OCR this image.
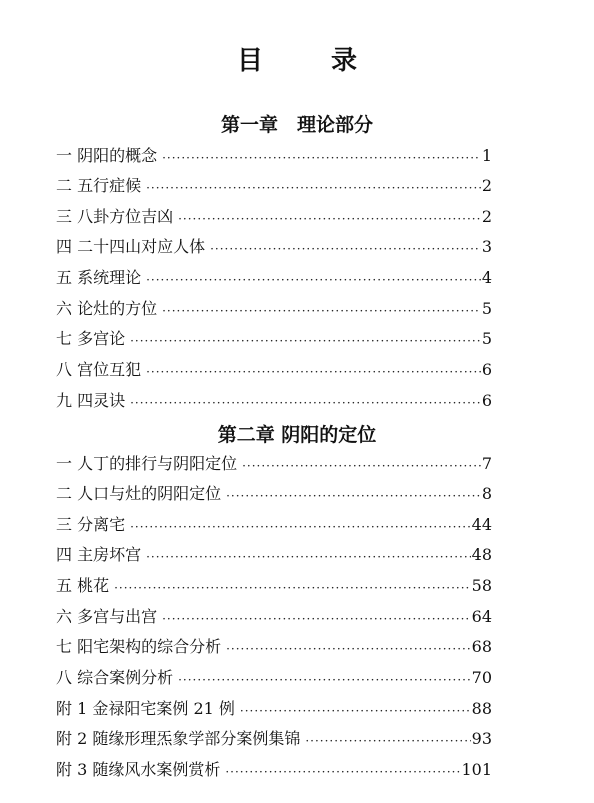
目录
第一章　理论部分
一 阴阳的概念 ·····	1
二 五行症候 ·····	2
三 八卦方位吉凶 ·····	2
四 二十四山对应人体 ·····	3
五 系统理论 ·····	4
六 论灶的方位 ·····	5
七 多宫论 ·····	5
八 宫位互犯 ·····	6
九 四灵诀 ·····	6
第二章 阴阳的定位
一 人丁的排行与阴阳定位 ·····	7
二 人口与灶的阴阳定位 ·····	8
三 分离宅 ·····	44
四 主房坏宫 ·····	48
五 桃花 ·····	58
六 多宫与出宫 ·····	64
七 阳宅架构的综合分析 ·····	68
八 综合案例分析 ·····	70
附 1 金禄阳宅案例 21 例 ·····	88
附 2 随缘形理炁象学部分案例集锦 ·····	93
附 3 随缘风水案例赏析 ·····	101
